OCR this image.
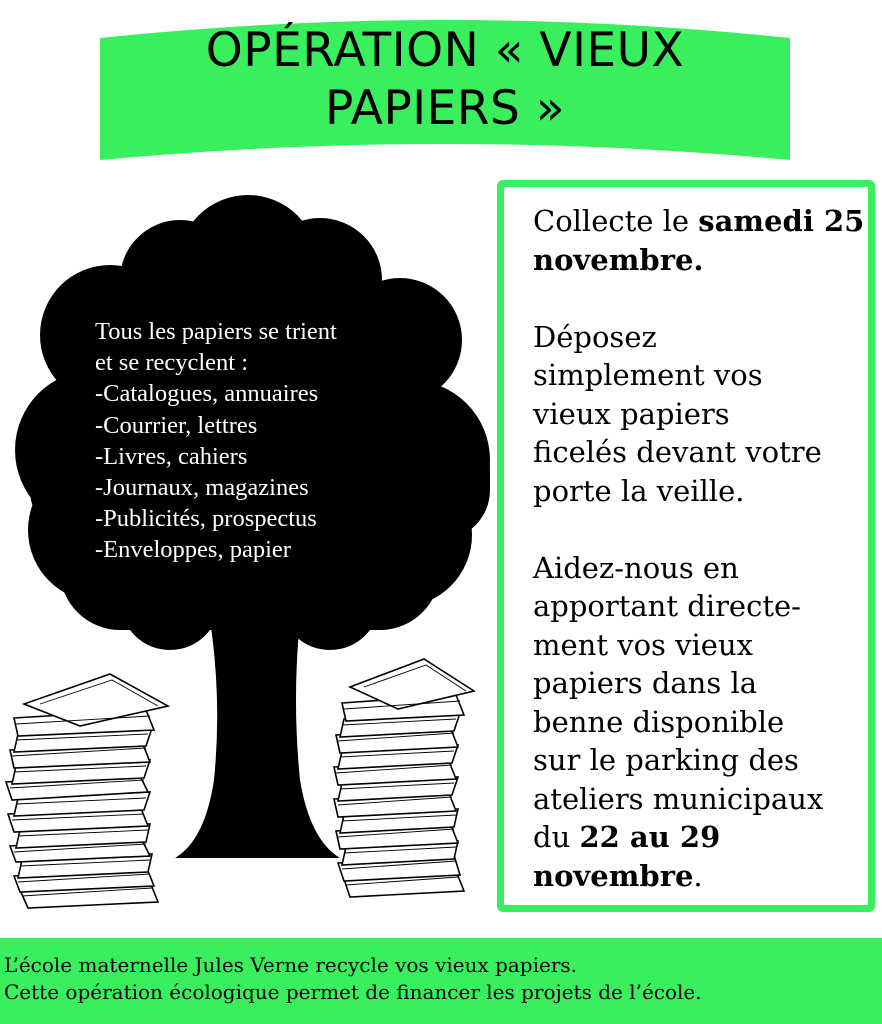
OPÉRATION « VIEUX
PAPIERS »
Tous les papiers se trient
et se recyclent :
-Catalogues, annuaires
-Courrier, lettres
-Livres, cahiers
-Journaux, magazines
-Publicités, prospectus
-Enveloppes, papier

Collecte le samedi 25 novembre.

Déposez
simplement vos
vieux papiers
ficelés devant votre
porte la veille.

Aidez-nous en
apportant directe-
ment vos vieux
papiers dans la
benne disponible
sur le parking des
ateliers municipaux
du 22 au 29
novembre.

L’école maternelle Jules Verne recycle vos vieux papiers.
Cette opération écologique permet de financer les projets de l’école.
